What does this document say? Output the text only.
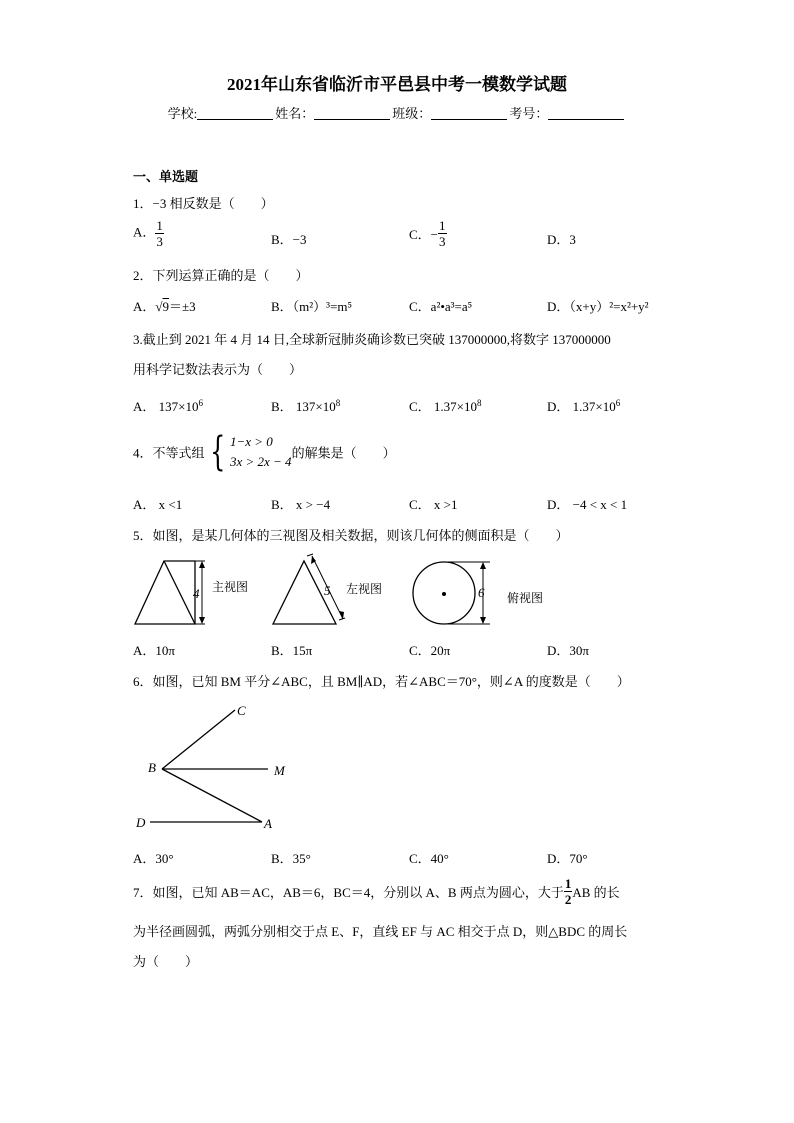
2021年山东省临沂市平邑县中考一模数学试题
学校:	姓名：	班级：	考号：
一、单选题
1．−3 相反数是（　　）
A． $\frac{1}{3}$	B．−3	C．− $\frac{1}{3}$	D．3
2．下列运算正确的是（　　）
A．√9＝±3	B．（m²）³=m⁵	C．a²•a³=a⁵	D．（x+y）²=x²+y²
3.截止到 2021 年 4 月 14 日,全球新冠肺炎确诊数已突破 137000000,将数字 137000000
用科学记数法表示为（　　）
A． $137\times 10^6$	B． $137\times 10^8$	C． $1.37\times 10^8$	D． $1.37\times 10^6$
4．不等式组 { 1−x > 0
3x > 2x − 4
的解集是（　　）
A． x <1	B． x > −4	C． x >1	D． −4 < x < 1
5．如图，是某几何体的三视图及相关数据，则该几何体的侧面积是（　　）
主视图
4	左视图
5	俯视图
6
A．10π	B．15π	C．20π	D．30π
6．如图，已知 BM 平分∠ABC，且 BM∥AD，若∠ABC＝70°，则∠A 的度数是（　　）
C
B	M
D	A
A．30°	B．35°	C．40°	D．70°
7．如图，已知 AB＝AC，AB＝6，BC＝4，分别以 A、B 两点为圆心，大于 $\frac{1}{2}$ AB 的长
为半径画圆弧，两弧分别相交于点 E、F，直线 EF 与 AC 相交于点 D，则△BDC 的周长
为（　　）
